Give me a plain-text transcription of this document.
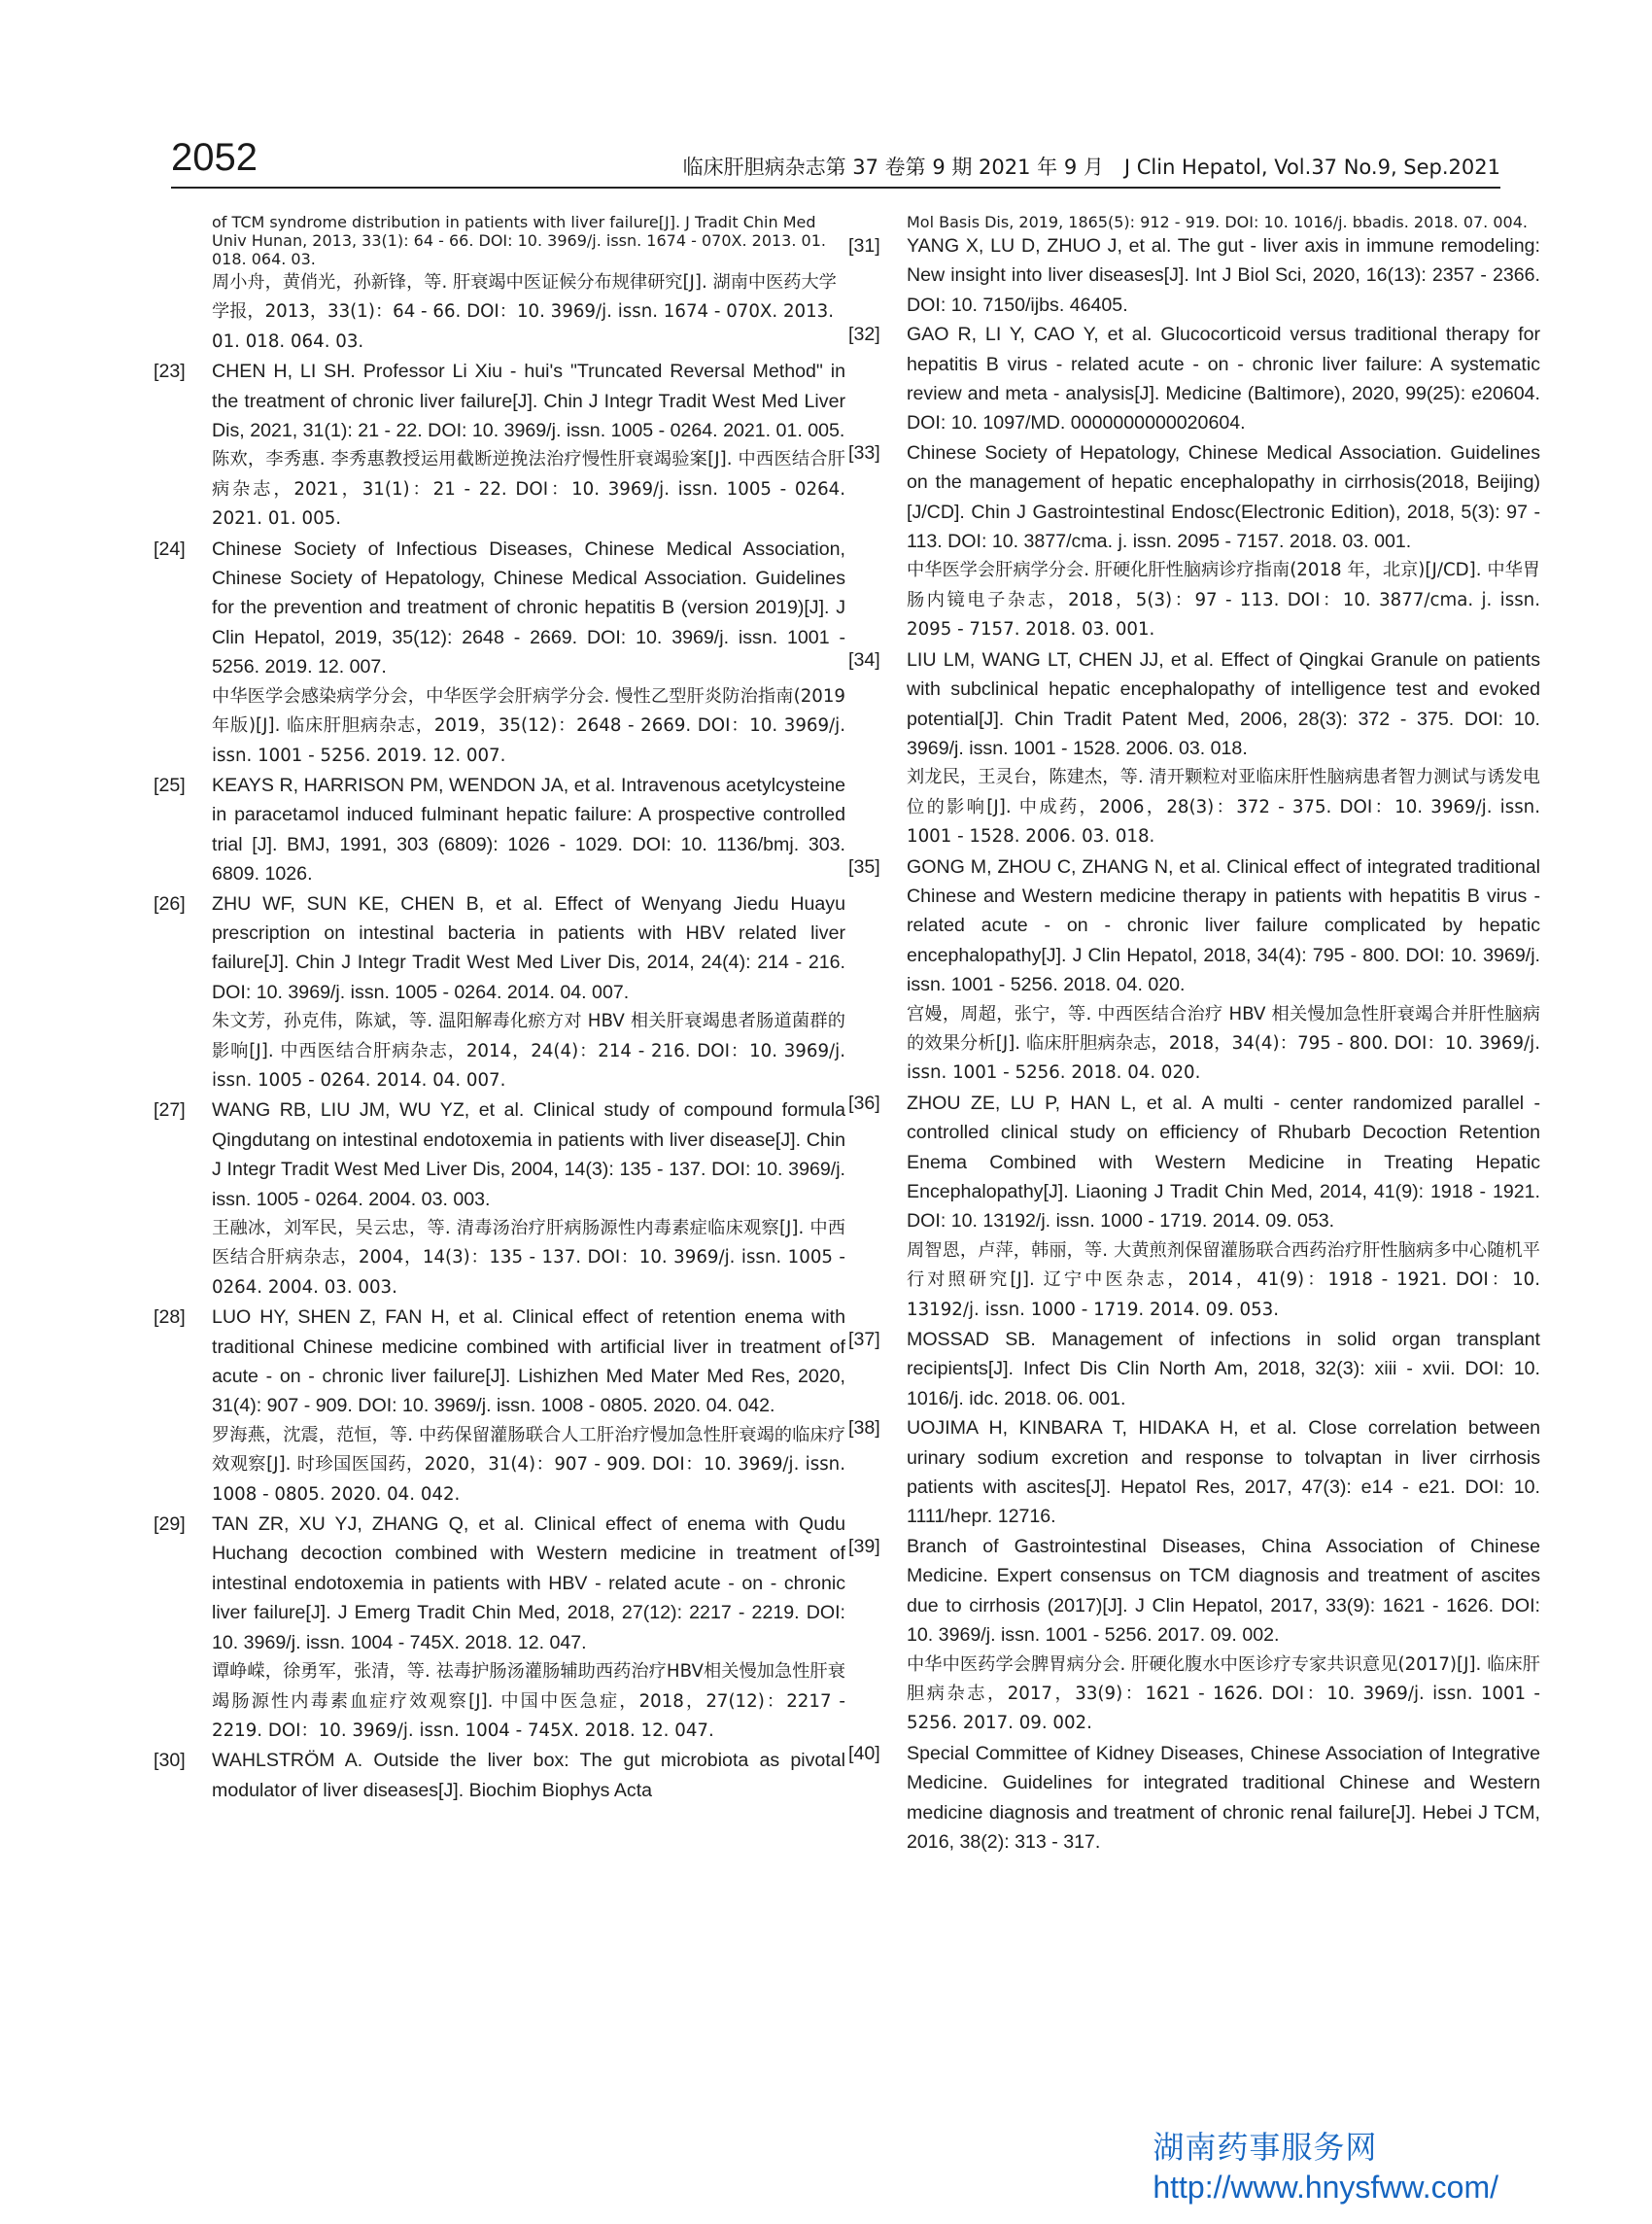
2052	临床肝胆病杂志第 37 卷第 9 期 2021 年 9 月　J Clin Hepatol, Vol.37 No.9, Sep.2021
of TCM syndrome distribution in patients with liver failure[J]. J Tradit Chin Med Univ Hunan, 2013, 33(1): 64 - 66. DOI: 10. 3969/j. issn. 1674 - 070X. 2013. 01. 018. 064. 03.
周小舟，黄俏光，孙新锋，等. 肝衰竭中医证候分布规律研究[J]. 湖南中医药大学学报，2013，33(1)：64 - 66. DOI：10. 3969/j. issn. 1674 - 070X. 2013. 01. 018. 064. 03.
[23]	CHEN H, LI SH. Professor Li Xiu - hui's "Truncated Reversal Method" in the treatment of chronic liver failure[J]. Chin J Integr Tradit West Med Liver Dis, 2021, 31(1): 21 - 22. DOI: 10. 3969/j. issn. 1005 - 0264. 2021. 01. 005.
陈欢，李秀惠. 李秀惠教授运用截断逆挽法治疗慢性肝衰竭验案[J]. 中西医结合肝病杂志，2021，31(1)：21 - 22. DOI：10. 3969/j. issn. 1005 - 0264. 2021. 01. 005.
[24]	Chinese Society of Infectious Diseases, Chinese Medical Association, Chinese Society of Hepatology, Chinese Medical Association. Guidelines for the prevention and treatment of chronic hepatitis B (version 2019)[J]. J Clin Hepatol, 2019, 35(12): 2648 - 2669. DOI: 10. 3969/j. issn. 1001 - 5256. 2019. 12. 007.
中华医学会感染病学分会，中华医学会肝病学分会. 慢性乙型肝炎防治指南(2019 年版)[J]. 临床肝胆病杂志，2019，35(12)：2648 - 2669. DOI：10. 3969/j. issn. 1001 - 5256. 2019. 12. 007.
[25]	KEAYS R, HARRISON PM, WENDON JA, et al. Intravenous acetylcysteine in paracetamol induced fulminant hepatic failure: A prospective controlled trial [J]. BMJ, 1991, 303 (6809): 1026 - 1029. DOI: 10. 1136/bmj. 303. 6809. 1026.
[26]	ZHU WF, SUN KE, CHEN B, et al. Effect of Wenyang Jiedu Huayu prescription on intestinal bacteria in patients with HBV related liver failure[J]. Chin J Integr Tradit West Med Liver Dis, 2014, 24(4): 214 - 216. DOI: 10. 3969/j. issn. 1005 - 0264. 2014. 04. 007.
朱文芳，孙克伟，陈斌，等. 温阳解毒化瘀方对 HBV 相关肝衰竭患者肠道菌群的影响[J]. 中西医结合肝病杂志，2014，24(4)：214 - 216. DOI：10. 3969/j. issn. 1005 - 0264. 2014. 04. 007.
[27]	WANG RB, LIU JM, WU YZ, et al. Clinical study of compound formula Qingdutang on intestinal endotoxemia in patients with liver disease[J]. Chin J Integr Tradit West Med Liver Dis, 2004, 14(3): 135 - 137. DOI: 10. 3969/j. issn. 1005 - 0264. 2004. 03. 003.
王融冰，刘军民，吴云忠，等. 清毒汤治疗肝病肠源性内毒素症临床观察[J]. 中西医结合肝病杂志，2004，14(3)：135 - 137. DOI：10. 3969/j. issn. 1005 - 0264. 2004. 03. 003.
[28]	LUO HY, SHEN Z, FAN H, et al. Clinical effect of retention enema with traditional Chinese medicine combined with artificial liver in treatment of acute - on - chronic liver failure[J]. Lishizhen Med Mater Med Res, 2020, 31(4): 907 - 909. DOI: 10. 3969/j. issn. 1008 - 0805. 2020. 04. 042.
罗海燕，沈震，范恒，等. 中药保留灌肠联合人工肝治疗慢加急性肝衰竭的临床疗效观察[J]. 时珍国医国药，2020，31(4)：907 - 909. DOI：10. 3969/j. issn. 1008 - 0805. 2020. 04. 042.
[29]	TAN ZR, XU YJ, ZHANG Q, et al. Clinical effect of enema with Qudu Huchang decoction combined with Western medicine in treatment of intestinal endotoxemia in patients with HBV - related acute - on - chronic liver failure[J]. J Emerg Tradit Chin Med, 2018, 27(12): 2217 - 2219. DOI: 10. 3969/j. issn. 1004 - 745X. 2018. 12. 047.
谭峥嵘，徐勇军，张清，等. 祛毒护肠汤灌肠辅助西药治疗HBV相关慢加急性肝衰竭肠源性内毒素血症疗效观察[J]. 中国中医急症，2018，27(12)：2217 - 2219. DOI：10. 3969/j. issn. 1004 - 745X. 2018. 12. 047.
[30]	WAHLSTRÖM A. Outside the liver box: The gut microbiota as pivotal modulator of liver diseases[J]. Biochim Biophys Acta
Mol Basis Dis, 2019, 1865(5): 912 - 919. DOI: 10. 1016/j. bbadis. 2018. 07. 004.
[31]	YANG X, LU D, ZHUO J, et al. The gut - liver axis in immune remodeling: New insight into liver diseases[J]. Int J Biol Sci, 2020, 16(13): 2357 - 2366. DOI: 10. 7150/ijbs. 46405.
[32]	GAO R, LI Y, CAO Y, et al. Glucocorticoid versus traditional therapy for hepatitis B virus - related acute - on - chronic liver failure: A systematic review and meta - analysis[J]. Medicine (Baltimore), 2020, 99(25): e20604. DOI: 10. 1097/MD. 0000000000020604.
[33]	Chinese Society of Hepatology, Chinese Medical Association. Guidelines on the management of hepatic encephalopathy in cirrhosis(2018, Beijing)[J/CD]. Chin J Gastrointestinal Endosc(Electronic Edition), 2018, 5(3): 97 - 113. DOI: 10. 3877/cma. j. issn. 2095 - 7157. 2018. 03. 001.
中华医学会肝病学分会. 肝硬化肝性脑病诊疗指南(2018 年，北京)[J/CD]. 中华胃肠内镜电子杂志，2018，5(3)：97 - 113. DOI：10. 3877/cma. j. issn. 2095 - 7157. 2018. 03. 001.
[34]	LIU LM, WANG LT, CHEN JJ, et al. Effect of Qingkai Granule on patients with subclinical hepatic encephalopathy of intelligence test and evoked potential[J]. Chin Tradit Patent Med, 2006, 28(3): 372 - 375. DOI: 10. 3969/j. issn. 1001 - 1528. 2006. 03. 018.
刘龙民，王灵台，陈建杰，等. 清开颗粒对亚临床肝性脑病患者智力测试与诱发电位的影响[J]. 中成药，2006，28(3)：372 - 375. DOI：10. 3969/j. issn. 1001 - 1528. 2006. 03. 018.
[35]	GONG M, ZHOU C, ZHANG N, et al. Clinical effect of integrated traditional Chinese and Western medicine therapy in patients with hepatitis B virus - related acute - on - chronic liver failure complicated by hepatic encephalopathy[J]. J Clin Hepatol, 2018, 34(4): 795 - 800. DOI: 10. 3969/j. issn. 1001 - 5256. 2018. 04. 020.
宫嫚，周超，张宁，等. 中西医结合治疗 HBV 相关慢加急性肝衰竭合并肝性脑病的效果分析[J]. 临床肝胆病杂志，2018，34(4)：795 - 800. DOI：10. 3969/j. issn. 1001 - 5256. 2018. 04. 020.
[36]	ZHOU ZE, LU P, HAN L, et al. A multi - center randomized parallel - controlled clinical study on efficiency of Rhubarb Decoction Retention Enema Combined with Western Medicine in Treating Hepatic Encephalopathy[J]. Liaoning J Tradit Chin Med, 2014, 41(9): 1918 - 1921. DOI: 10. 13192/j. issn. 1000 - 1719. 2014. 09. 053.
周智恩，卢萍，韩丽，等. 大黄煎剂保留灌肠联合西药治疗肝性脑病多中心随机平行对照研究[J]. 辽宁中医杂志，2014，41(9)：1918 - 1921. DOI：10. 13192/j. issn. 1000 - 1719. 2014. 09. 053.
[37]	MOSSAD SB. Management of infections in solid organ transplant recipients[J]. Infect Dis Clin North Am, 2018, 32(3): xiii - xvii. DOI: 10. 1016/j. idc. 2018. 06. 001.
[38]	UOJIMA H, KINBARA T, HIDAKA H, et al. Close correlation between urinary sodium excretion and response to tolvaptan in liver cirrhosis patients with ascites[J]. Hepatol Res, 2017, 47(3): e14 - e21. DOI: 10. 1111/hepr. 12716.
[39]	Branch of Gastrointestinal Diseases, China Association of Chinese Medicine. Expert consensus on TCM diagnosis and treatment of ascites due to cirrhosis (2017)[J]. J Clin Hepatol, 2017, 33(9): 1621 - 1626. DOI: 10. 3969/j. issn. 1001 - 5256. 2017. 09. 002.
中华中医药学会脾胃病分会. 肝硬化腹水中医诊疗专家共识意见(2017)[J]. 临床肝胆病杂志，2017，33(9)：1621 - 1626. DOI：10. 3969/j. issn. 1001 - 5256. 2017. 09. 002.
[40]	Special Committee of Kidney Diseases, Chinese Association of Integrative Medicine. Guidelines for integrated traditional Chinese and Western medicine diagnosis and treatment of chronic renal failure[J]. Hebei J TCM, 2016, 38(2): 313 - 317.
湖南药事服务网
http://www.hnysfww.com/
